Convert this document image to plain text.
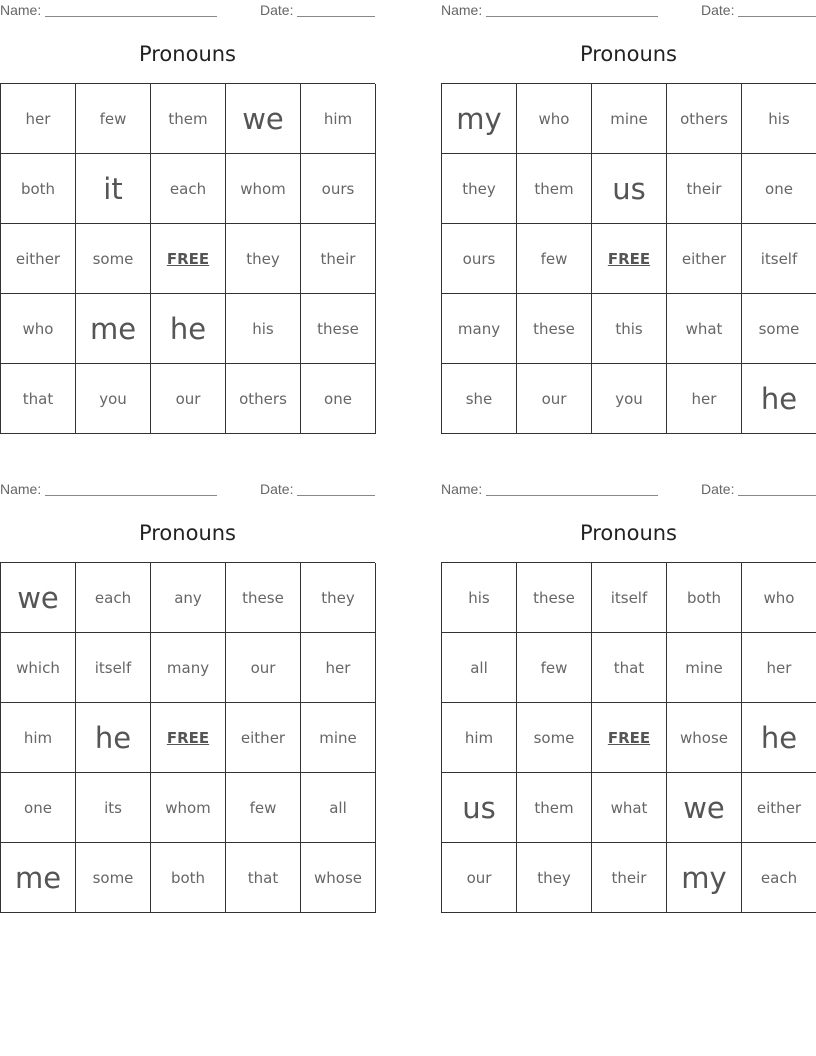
Name:	Date:
Pronouns
her	few	them	we	him
both	it	each	whom	ours
either	some	FREE	they	their
who	me	he	his	these
that	you	our	others	one
Name:	Date:
Pronouns
my	who	mine	others	his
they	them	us	their	one
ours	few	FREE	either	itself
many	these	this	what	some
she	our	you	her	he
Name:	Date:
Pronouns
we	each	any	these	they
which	itself	many	our	her
him	he	FREE	either	mine
one	its	whom	few	all
me	some	both	that	whose
Name:	Date:
Pronouns
his	these	itself	both	who
all	few	that	mine	her
him	some	FREE	whose	he
us	them	what	we	either
our	they	their	my	each
